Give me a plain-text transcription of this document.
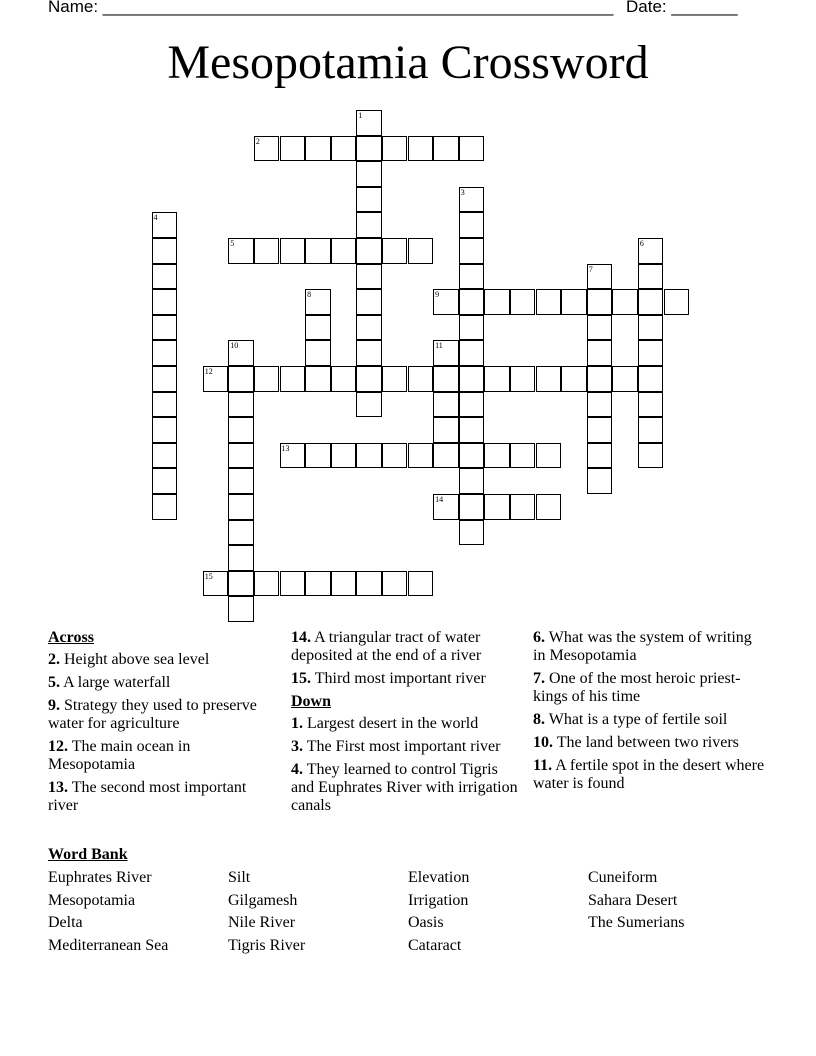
Name: ______________________________________________________ Date: _______
Mesopotamia Crossword
2
5
9
12
13
14
15
1
3
4
6
7
8
10	11
Across
2. Height above sea level
5. A large waterfall
9. Strategy they used to preserve water for agriculture
12. The main ocean in Mesopotamia
13. The second most important river
14. A triangular tract of water deposited at the end of a river
15. Third most important river
Down
1. Largest desert in the world
3. The First most important river
4. They learned to control Tigris and Euphrates River with irrigation canals
6. What was the system of writing in Mesopotamia
7. One of the most heroic priest-kings of his time
8. What is a type of fertile soil
10. The land between two rivers
11. A fertile spot in the desert where water is found
Word Bank
Euphrates River	Silt	Elevation	Cuneiform
Mesopotamia	Gilgamesh	Irrigation	Sahara Desert
Delta	Nile River	Oasis	The Sumerians
Mediterranean Sea	Tigris River	Cataract
